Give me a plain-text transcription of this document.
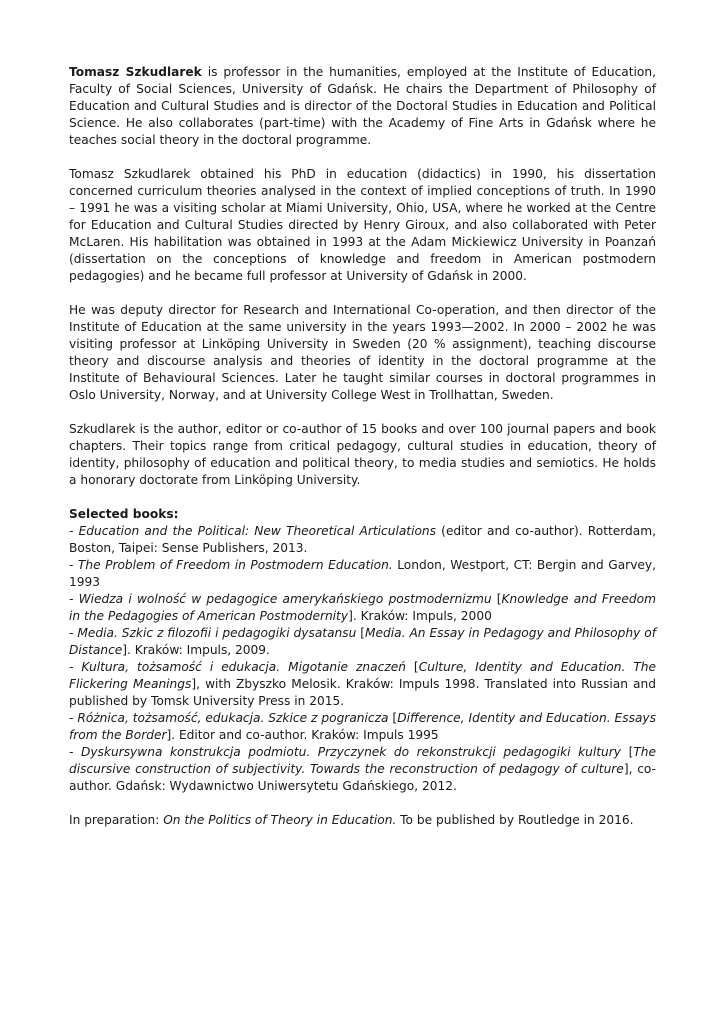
Tomasz Szkudlarek is professor in the humanities, employed at the Institute of Education, Faculty of Social Sciences, University of Gdańsk. He chairs the Department of Philosophy of Education and Cultural Studies and is director of the Doctoral Studies in Education and Political Science. He also collaborates (part-time) with the Academy of Fine Arts in Gdańsk where he teaches social theory in the doctoral programme.

Tomasz Szkudlarek obtained his PhD in education (didactics) in 1990, his dissertation concerned curriculum theories analysed in the context of implied conceptions of truth. In 1990 – 1991 he was a visiting scholar at Miami University, Ohio, USA, where he worked at the Centre for Education and Cultural Studies directed by Henry Giroux, and also collaborated with Peter McLaren. His habilitation was obtained in 1993 at the Adam Mickiewicz University in Poanzań (dissertation on the conceptions of knowledge and freedom in American postmodern pedagogies) and he became full professor at University of Gdańsk in 2000.

He was deputy director for Research and International Co-operation, and then director of the Institute of Education at the same university in the years 1993—2002. In 2000 – 2002 he was visiting professor at Linköping University in Sweden (20 % assignment), teaching discourse theory and discourse analysis and theories of identity in the doctoral programme at the Institute of Behavioural Sciences. Later he taught similar courses in doctoral programmes in Oslo University, Norway, and at University College West in Trollhattan, Sweden.

Szkudlarek is the author, editor or co-author of 15 books and over 100 journal papers and book chapters. Their topics range from critical pedagogy, cultural studies in education, theory of identity, philosophy of education and political theory, to media studies and semiotics. He holds a honorary doctorate from Linköping University.

Selected books:

- Education and the Political: New Theoretical Articulations (editor and co-author). Rotterdam, Boston, Taipei: Sense Publishers, 2013.

- The Problem of Freedom in Postmodern Education. London, Westport, CT: Bergin and Garvey, 1993

- Wiedza i wolność w pedagogice amerykańskiego postmodernizmu [Knowledge and Freedom in the Pedagogies of American Postmodernity]. Kraków: Impuls, 2000

- Media. Szkic z filozofii i pedagogiki dysatansu [Media. An Essay in Pedagogy and Philosophy of Distance]. Kraków: Impuls, 2009.

- Kultura, tożsamość i edukacja. Migotanie znaczeń [Culture, Identity and Education. The Flickering Meanings], with Zbyszko Melosik. Kraków: Impuls 1998. Translated into Russian and published by Tomsk University Press in 2015.

- Różnica, tożsamość, edukacja. Szkice z pogranicza [Difference, Identity and Education. Essays from the Border]. Editor and co-author. Kraków: Impuls 1995

- Dyskursywna konstrukcja podmiotu. Przyczynek do rekonstrukcji pedagogiki kultury [The discursive construction of subjectivity. Towards the reconstruction of pedagogy of culture], co-author. Gdańsk: Wydawnictwo Uniwersytetu Gdańskiego, 2012.

In preparation: On the Politics of Theory in Education. To be published by Routledge in 2016.
